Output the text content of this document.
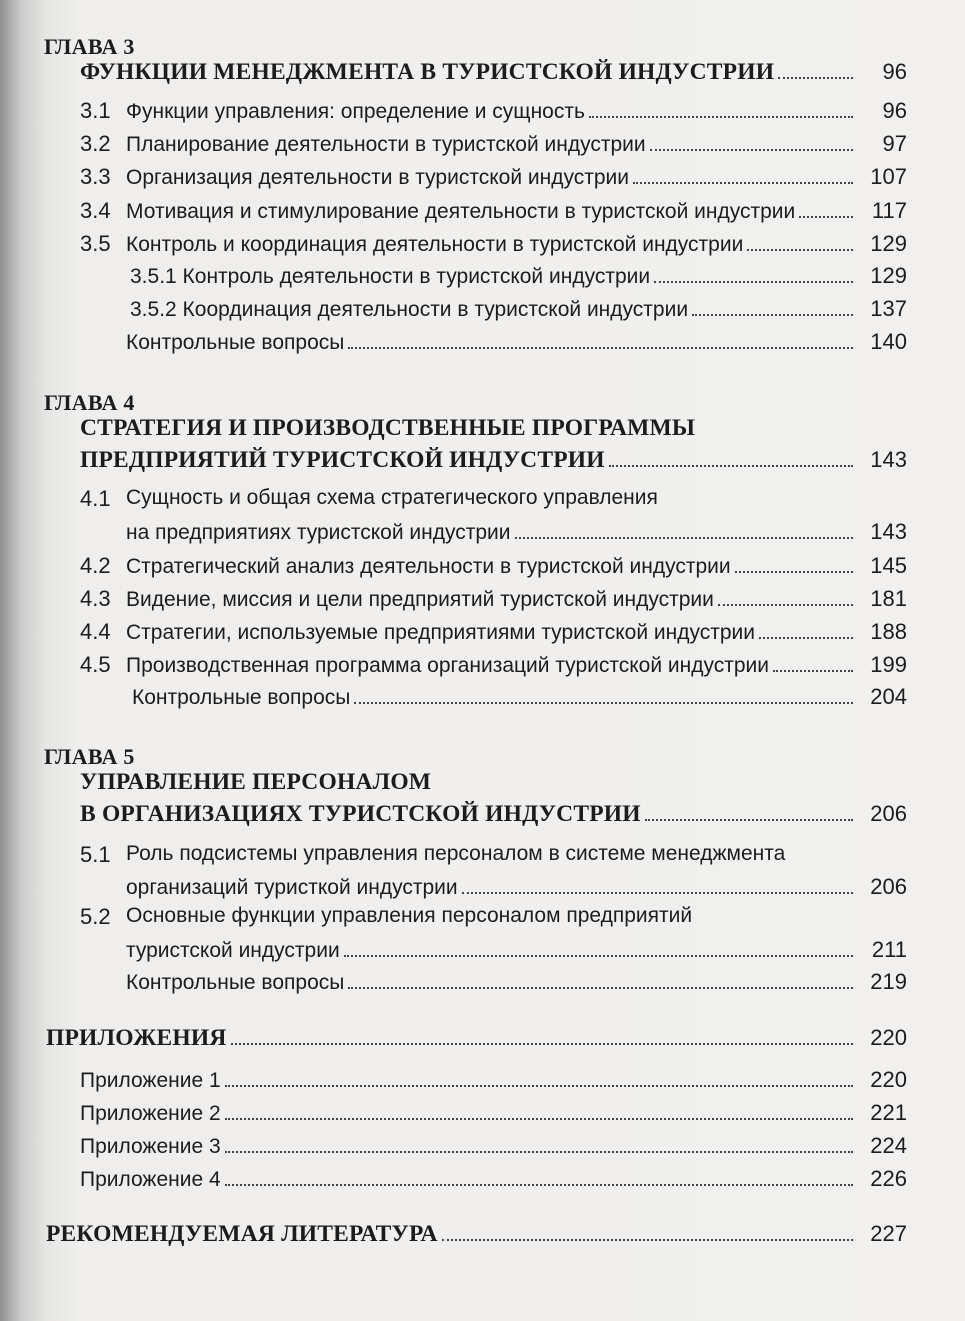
ГЛАВА 3
ФУНКЦИИ МЕНЕДЖМЕНТА В ТУРИСТСКОЙ ИНДУСТРИИ	96
3.1 Функции управления: определение и сущность	96
3.2 Планирование деятельности в туристской индустрии	97
3.3 Организация деятельности в туристской индустрии	107
3.4 Мотивация и стимулирование деятельности в туристской индустрии	117
3.5 Контроль и координация деятельности в туристской индустрии	129
3.5.1 Контроль деятельности в туристской индустрии	129
3.5.2 Координация деятельности в туристской индустрии	137
Контрольные вопросы	140
ГЛАВА 4
СТРАТЕГИЯ И ПРОИЗВОДСТВЕННЫЕ ПРОГРАММЫ
ПРЕДПРИЯТИЙ ТУРИСТСКОЙ ИНДУСТРИИ	143
4.1 Сущность и общая схема стратегического управления
на предприятиях туристской индустрии	143
4.2 Стратегический анализ деятельности в туристской индустрии	145
4.3 Видение, миссия и цели предприятий туристской индустрии	181
4.4 Стратегии, используемые предприятиями туристской индустрии	188
4.5 Производственная программа организаций туристской индустрии	199
Контрольные вопросы	204
ГЛАВА 5
УПРАВЛЕНИЕ ПЕРСОНАЛОМ
В ОРГАНИЗАЦИЯХ ТУРИСТСКОЙ ИНДУСТРИИ	206
5.1 Роль подсистемы управления персоналом в системе менеджмента
организаций туристкой индустрии	206
5.2 Основные функции управления персоналом предприятий
туристской индустрии	211
Контрольные вопросы	219
ПРИЛОЖЕНИЯ	220
Приложение 1	220
Приложение 2	221
Приложение 3	224
Приложение 4	226
РЕКОМЕНДУЕМАЯ ЛИТЕРАТУРА	227
